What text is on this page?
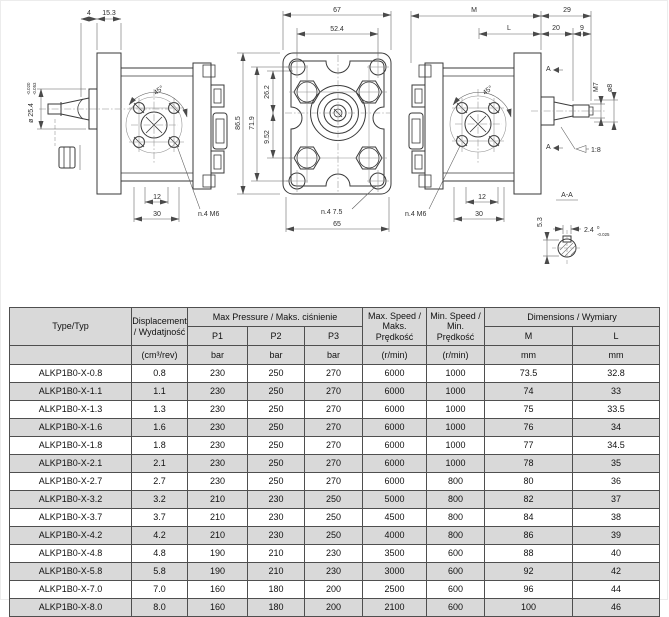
4 15.3
ø 25.4
-0.020 -0.053
12
30	n.4 M6
45°
67
52.4
86.5 71.9
26.2
9.52
n.4 7.5
65
M	29
L	20	9
A
A
M7 ø8
1:8
45°
12
30
n.4 M6
A-A
5.3
2.4 0
-0.025
Type/Typ	Displacement
/ Wydatjność	Max Pressure / Maks. ciśnienie			Max. Speed /
Maks.
Prędkość	Min. Speed /
Min.
Prędkość	Dimensions / Wymiary	
		P1	P2	P3			M	L
	(cm³/rev)	bar	bar	bar	(r/min)	(r/min)	mm	mm
ALKP1B0-X-0.8	0.8	230	250	270	6000	1000	73.5	32.8
ALKP1B0-X-1.1	1.1	230	250	270	6000	1000	74	33
ALKP1B0-X-1.3	1.3	230	250	270	6000	1000	75	33.5
ALKP1B0-X-1.6	1.6	230	250	270	6000	1000	76	34
ALKP1B0-X-1.8	1.8	230	250	270	6000	1000	77	34.5
ALKP1B0-X-2.1	2.1	230	250	270	6000	1000	78	35
ALKP1B0-X-2.7	2.7	230	250	270	6000	800	80	36
ALKP1B0-X-3.2	3.2	210	230	250	5000	800	82	37
ALKP1B0-X-3.7	3.7	210	230	250	4500	800	84	38
ALKP1B0-X-4.2	4.2	210	230	250	4000	800	86	39
ALKP1B0-X-4.8	4.8	190	210	230	3500	600	88	40
ALKP1B0-X-5.8	5.8	190	210	230	3000	600	92	42
ALKP1B0-X-7.0	7.0	160	180	200	2500	600	96	44
ALKP1B0-X-8.0	8.0	160	180	200	2100	600	100	46
